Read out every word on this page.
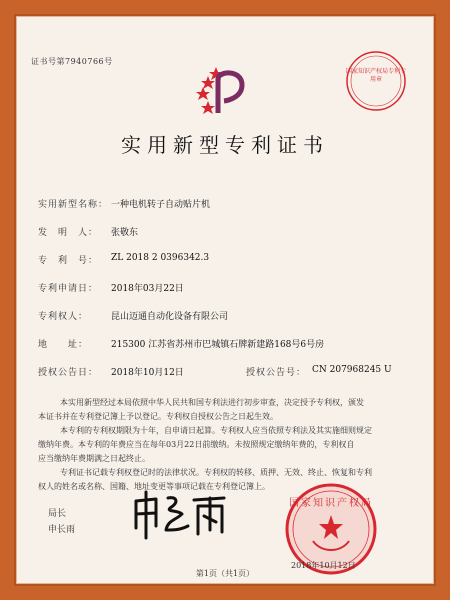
证书号第7940766号
国家知识产权局专利专用章
实用新型专利证书
实用新型名称： 一种电机转子自动贴片机
发　明　人： 张敬东
专　利　号： ZL 2018 2 0396342.3
专利申请日： 2018年03月22日
专利权人：	昆山迈通自动化设备有限公司
地　　址：	215300 江苏省苏州市巴城镇石牌新建路168号6号房
授权公告日： 2018年10月12日	授权公告号： CN 207968245 U
本实用新型经过本局依照中华人民共和国专利法进行初步审查，决定授予专利权，颁发
本证书并在专利登记簿上予以登记。专利权自授权公告之日起生效。
本专利的专利权期限为十年，自申请日起算。专利权人应当依照专利法及其实施细则规定
缴纳年费。本专利的年费应当在每年03月22日前缴纳。未按照规定缴纳年费的，专利权自
应当缴纳年费期满之日起终止。
专利证书记载专利权登记时的法律状况。专利权的转移、质押、无效、终止、恢复和专利
权人的姓名或名称、国籍、地址变更等事项记载在专利登记簿上。
局长
申长雨
国家知识产权局
2018年10月12日
第1页（共1页）
